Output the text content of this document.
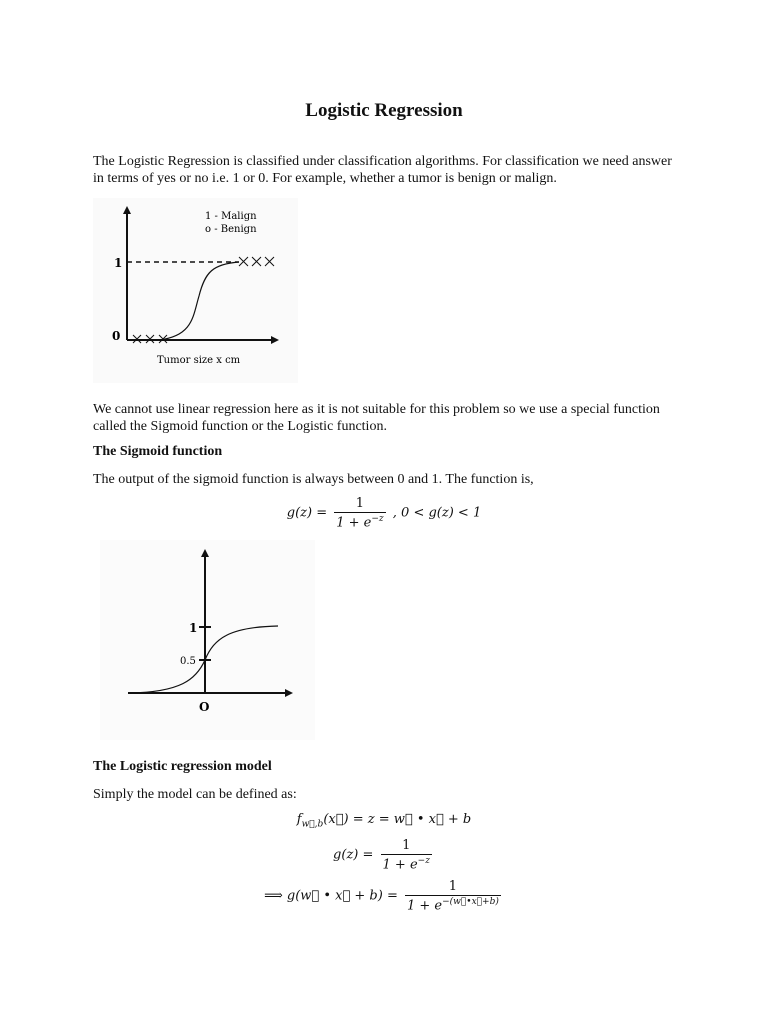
Logistic Regression
The Logistic Regression is classified under classification algorithms. For classification we need answer
in terms of yes or no i.e. 1 or 0. For example, whether a tumor is benign or malign.
1 - Malign
o - Benign
1
0
Tumor size x cm
We cannot use linear regression here as it is not suitable for this problem so we use a special function
called the Sigmoid function or the Logistic function.
The Sigmoid function
The output of the sigmoid function is always between 0 and 1. The function is,
$g(z) = \frac{1}{1 + e^{-z}}$ , 0 < g(z) < 1
1
0.5
O
The Logistic regression model
Simply the model can be defined as:
$f_{w⃗,b}(x⃗) = z$ = w⃗ • x⃗ + b
$g(z) = \frac{1}{1 + e^{-z}}$
⟹ g(w⃗ • x⃗ + $b) = \frac{1}{1 + e^{-(w⃗•x⃗+b)}}$
